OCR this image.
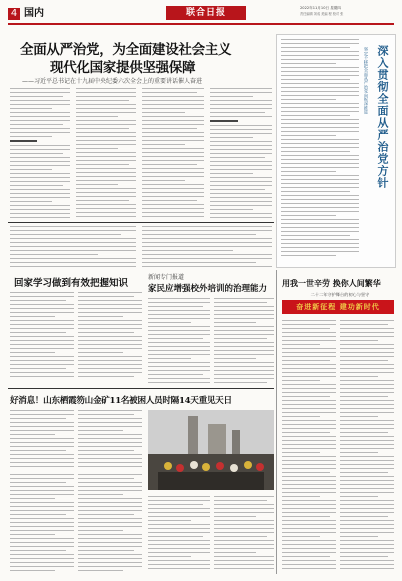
4 国内	联合日报	2022年11月10日 星期四
责任编辑 刘成 美编 程 校对 张
全面从严治党，为全面建设社会主义
现代化国家提供坚强保障
——习近平总书记在十九届中央纪委六次全会上的重要讲话催人奋进	深入贯彻全面从严治党方针
坚定不移把全面从严治党向纵深推进
回家学习做到有效把握知识
新闻专门报道
家民应增强校外培训的治理能力
用我一世辛劳 换你人间繁华
二十二年守护舞台的初心与坚守
奋进新征程 建功新时代
好消息！山东栖霞笏山金矿11名被困人员时隔14天重见天日
